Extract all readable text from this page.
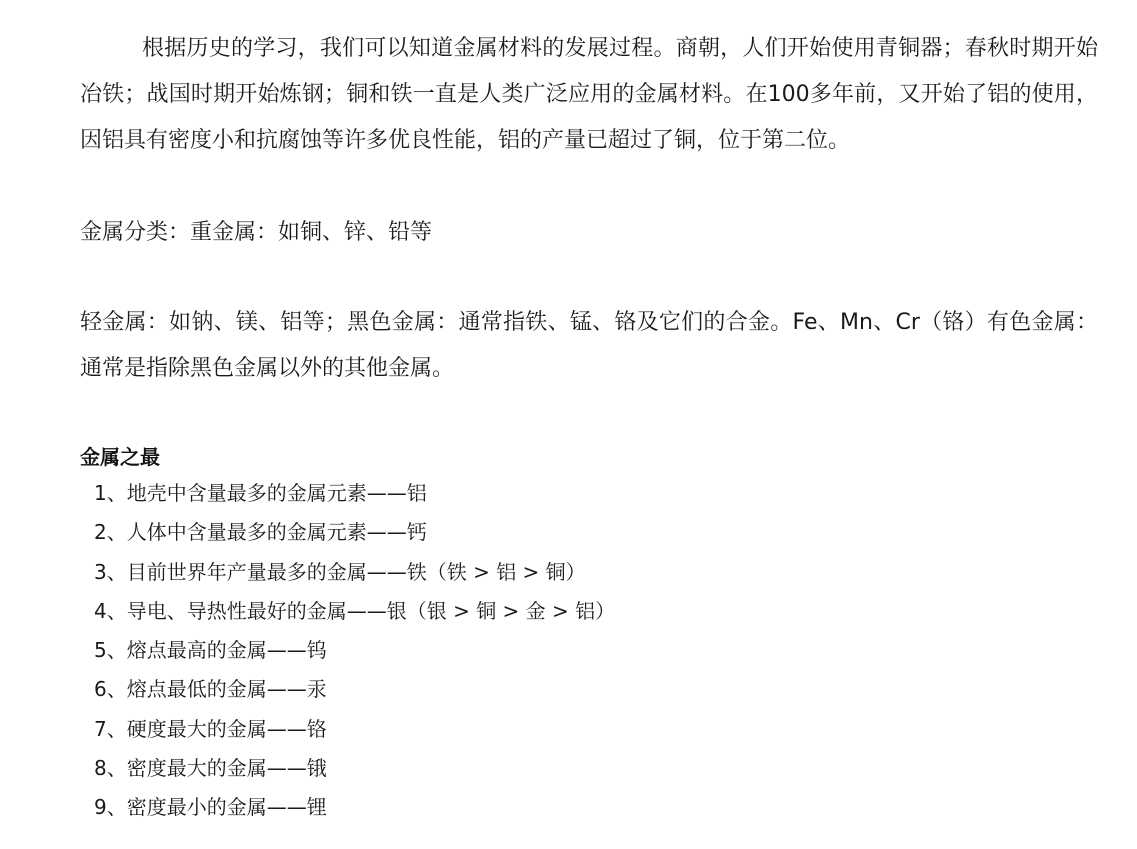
根据历史的学习，我们可以知道金属材料的发展过程。商朝，人们开始使用青铜器；春秋时期开始冶铁；战国时期开始炼钢；铜和铁一直是人类广泛应用的金属材料。在100多年前，又开始了铝的使用，因铝具有密度小和抗腐蚀等许多优良性能，铝的产量已超过了铜，位于第二位。

金属分类：重金属：如铜、锌、铅等

轻金属：如钠、镁、铝等；黑色金属：通常指铁、锰、铬及它们的合金。Fe、Mn、Cr（铬）有色金属：通常是指除黑色金属以外的其他金属。

金属之最

1、地壳中含量最多的金属元素——铝
2、人体中含量最多的金属元素——钙
3、目前世界年产量最多的金属——铁（铁 > 铝 > 铜）
4、导电、导热性最好的金属——银（银 > 铜 > 金 > 铝）
5、熔点最高的金属——钨
6、熔点最低的金属——汞
7、硬度最大的金属——铬
8、密度最大的金属——锇
9、密度最小的金属——锂
